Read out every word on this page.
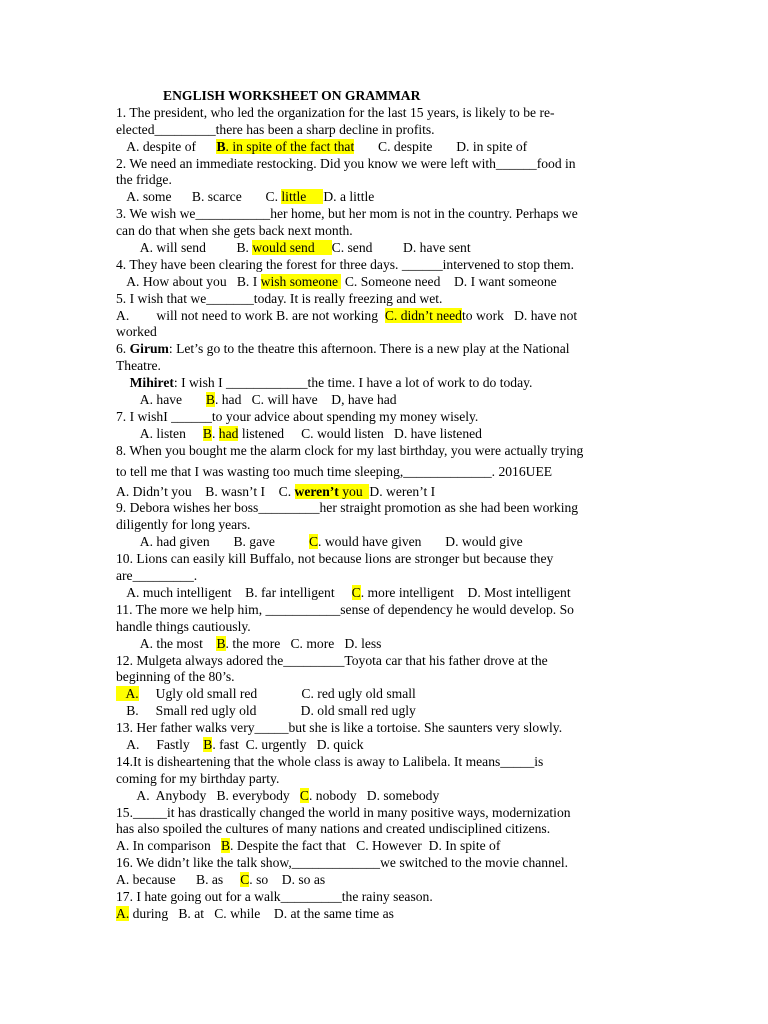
ENGLISH WORKSHEET ON GRAMMAR
1. The president, who led the organization for the last 15 years, is likely to be re-
elected_________there has been a sharp decline in profits.
A. despite of B. in spite of the fact that C. despite D. in spite of
2. We need an immediate restocking. Did you know we were left with______food in
the fridge.
A. some B. scarce C. little D. a little
3. We wish we___________her home, but her mom is not in the country. Perhaps we
can do that when she gets back next month.
A. will send B. would send C. send D. have sent
4. They have been clearing the forest for three days. ______intervened to stop them.
A. How about you B. I wish someone C. Someone need D. I want someone
5. I wish that we_______today. It is really freezing and wet.
A.        will not need to work B. are not working C. didn’t needto work D. have not
worked
6. Girum: Let’s go to the theatre this afternoon. There is a new play at the National
Theatre.
Mihiret: I wish I ____________the time. I have a lot of work to do today.
A. have B. had C. will have D, have had
7. I wishI ______to your advice about spending my money wisely.
A. listen B. had listened C. would listen D. have listened
8. When you bought me the alarm clock for my last birthday, you were actually trying
to tell me that I was wasting too much time sleeping,_____________. 2016UEE
A. Didn’t you B. wasn’t I C. weren’t you D. weren’t I
9. Debora wishes her boss_________her straight promotion as she had been working
diligently for long years.
A. had given B. gave C. would have given D. would give
10. Lions can easily kill Buffalo, not because lions are stronger but because they
are_________.
A. much intelligent B. far intelligent C. more intelligent D. Most intelligent
11. The more we help him, ___________sense of dependency he would develop. So
handle things cautiously.
A. the most B. the more C. more D. less
12. Mulgeta always adored the_________Toyota car that his father drove at the
beginning of the 80’s.
A. Ugly old small red	C. red ugly old small
B. Small red ugly old	D. old small red ugly
13. Her father walks very_____but she is like a tortoise. She saunters very slowly.
A.     Fastly B. fast C. urgently D. quick
14.It is disheartening that the whole class is away to Lalibela. It means_____is
coming for my birthday party.
A.  Anybody B. everybody C. nobody D. somebody
15._____it has drastically changed the world in many positive ways, modernization
has also spoiled the cultures of many nations and created undisciplined citizens.
A. In comparison B. Despite the fact that C. However D. In spite of
16. We didn’t like the talk show,_____________we switched to the movie channel.
A. because B. as C. so D. so as
17. I hate going out for a walk_________the rainy season.
A. during B. at C. while D. at the same time as
